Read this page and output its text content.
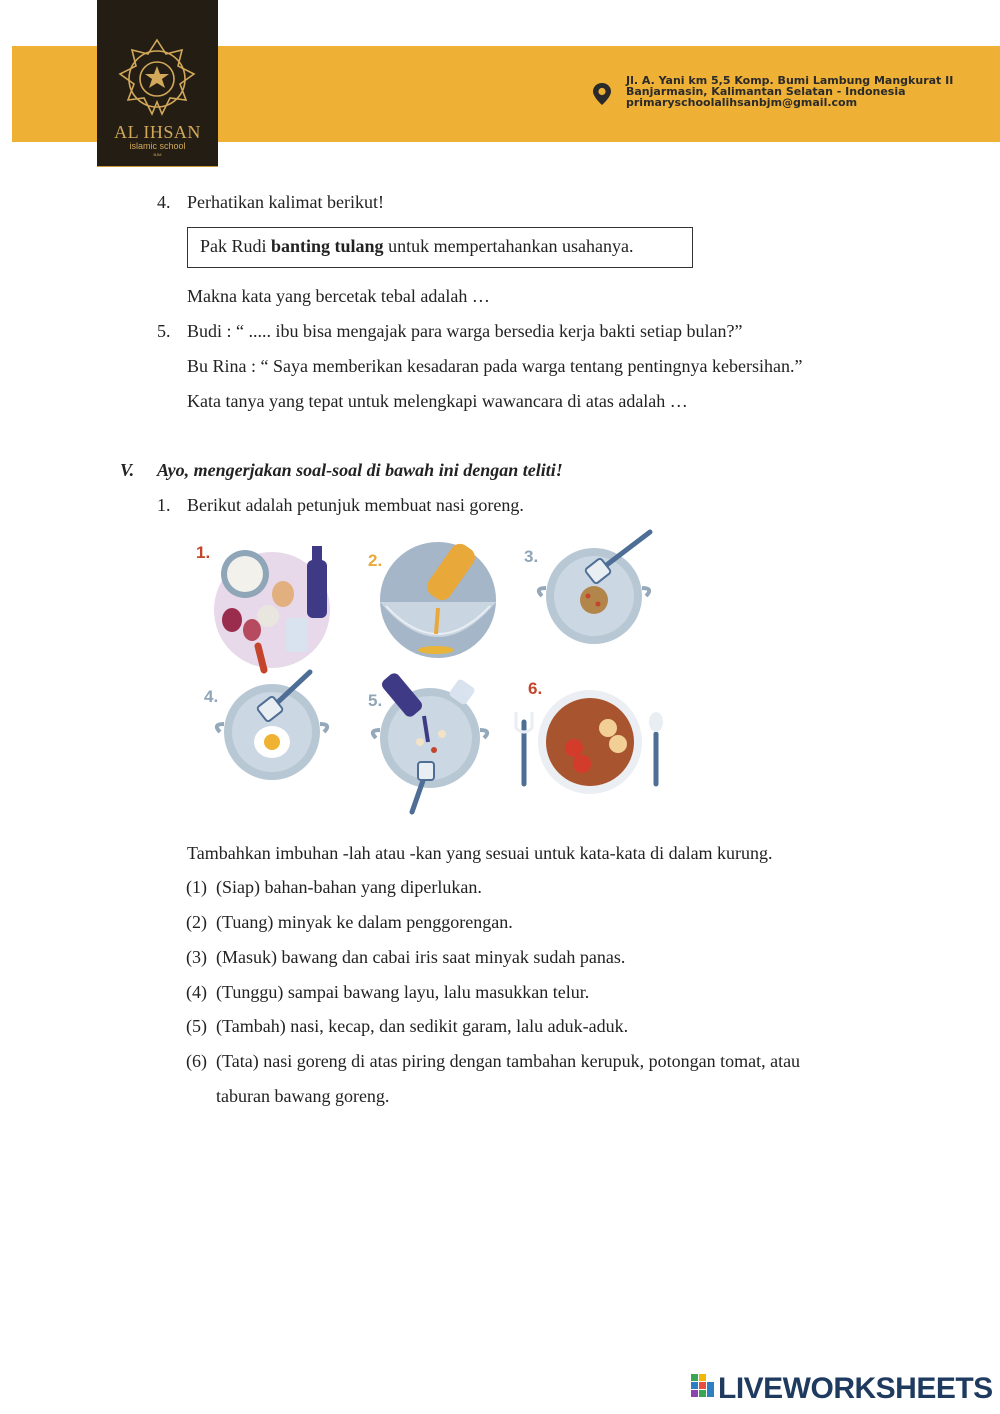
AL IHSAN
islamic school
BJM
Jl. A. Yani km 5,5 Komp. Bumi Lambung Mangkurat II
Banjarmasin, Kalimantan Selatan - Indonesia
primaryschoolalihsanbjm@gmail.com
4. Perhatikan kalimat berikut!
Pak Rudi banting tulang untuk mempertahankan usahanya.
Makna kata yang bercetak tebal adalah …
5. Budi : “ ..... ibu bisa mengajak para warga bersedia kerja bakti setiap bulan?”
Bu Rina : “ Saya memberikan kesadaran pada warga tentang pentingnya kebersihan.”
Kata tanya yang tepat untuk melengkapi wawancara di atas adalah …
V. Ayo, mengerjakan soal-soal di bawah ini dengan teliti!
1. Berikut adalah petunjuk membuat nasi goreng.
1.	2.	3.
4.	5.
6.
Tambahkan imbuhan -lah atau -kan yang sesuai untuk kata-kata di dalam kurung.
(1) (Siap) bahan-bahan yang diperlukan.
(2) (Tuang) minyak ke dalam penggorengan.
(3) (Masuk) bawang dan cabai iris saat minyak sudah panas.
(4) (Tunggu) sampai bawang layu, lalu masukkan telur.
(5) (Tambah) nasi, kecap, dan sedikit garam, lalu aduk-aduk.
(6) (Tata) nasi goreng di atas piring dengan tambahan kerupuk, potongan tomat, atau
taburan bawang goreng.
LIVEWORKSHEETS
